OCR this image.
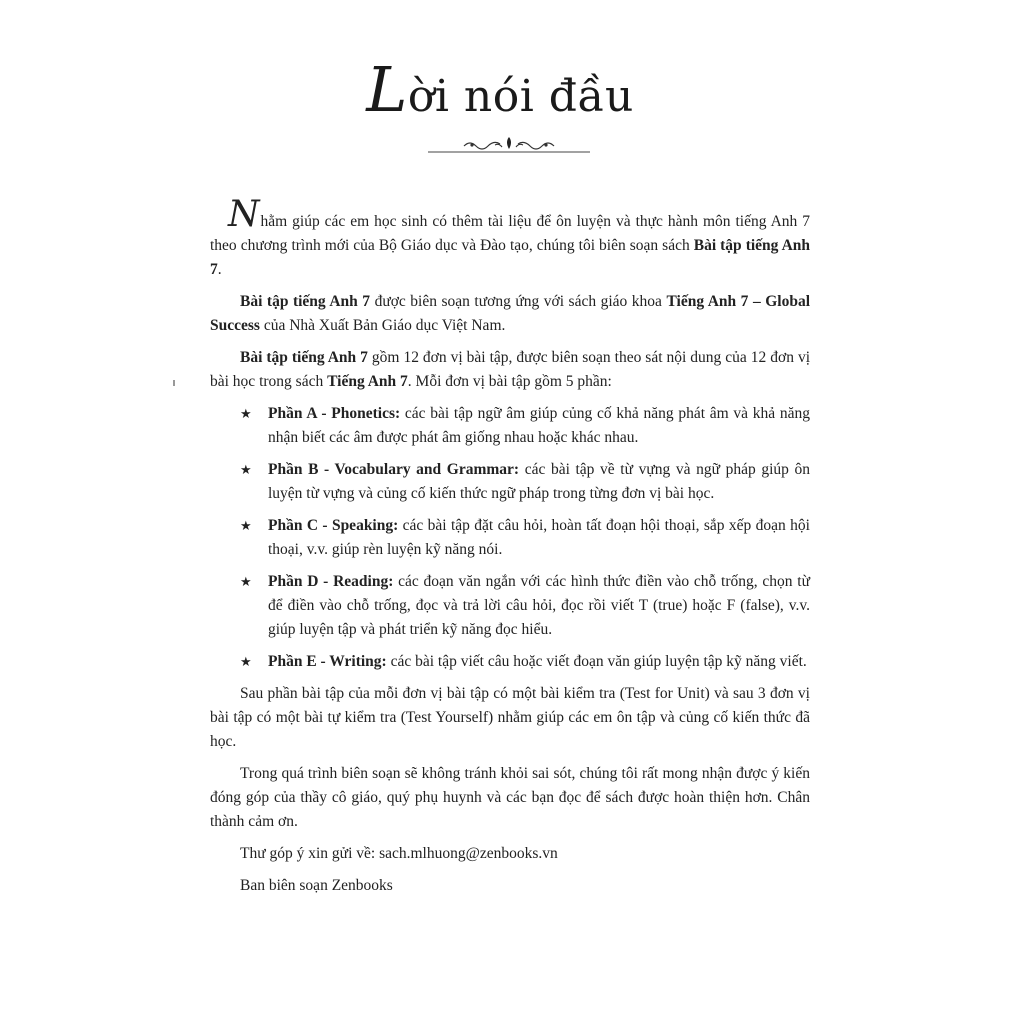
Lời nói đầu

Nhằm giúp các em học sinh có thêm tài liệu để ôn luyện và thực hành môn tiếng Anh 7 theo chương trình mới của Bộ Giáo dục và Đào tạo, chúng tôi biên soạn sách Bài tập tiếng Anh 7.

Bài tập tiếng Anh 7 được biên soạn tương ứng với sách giáo khoa Tiếng Anh 7 – Global Success của Nhà Xuất Bản Giáo dục Việt Nam.

Bài tập tiếng Anh 7 gồm 12 đơn vị bài tập, được biên soạn theo sát nội dung của 12 đơn vị bài học trong sách Tiếng Anh 7. Mỗi đơn vị bài tập gồm 5 phần:

★ Phần A - Phonetics: các bài tập ngữ âm giúp củng cố khả năng phát âm và khả năng nhận biết các âm được phát âm giống nhau hoặc khác nhau.
★ Phần B - Vocabulary and Grammar: các bài tập về từ vựng và ngữ pháp giúp ôn luyện từ vựng và củng cố kiến thức ngữ pháp trong từng đơn vị bài học.
★ Phần C - Speaking: các bài tập đặt câu hỏi, hoàn tất đoạn hội thoại, sắp xếp đoạn hội thoại, v.v. giúp rèn luyện kỹ năng nói.
★ Phần D - Reading: các đoạn văn ngắn với các hình thức điền vào chỗ trống, chọn từ để điền vào chỗ trống, đọc và trả lời câu hỏi, đọc rồi viết T (true) hoặc F (false), v.v. giúp luyện tập và phát triển kỹ năng đọc hiểu.
★ Phần E - Writing: các bài tập viết câu hoặc viết đoạn văn giúp luyện tập kỹ năng viết.

Sau phần bài tập của mỗi đơn vị bài tập có một bài kiểm tra (Test for Unit) và sau 3 đơn vị bài tập có một bài tự kiểm tra (Test Yourself) nhằm giúp các em ôn tập và củng cố kiến thức đã học.

Trong quá trình biên soạn sẽ không tránh khỏi sai sót, chúng tôi rất mong nhận được ý kiến đóng góp của thầy cô giáo, quý phụ huynh và các bạn đọc để sách được hoàn thiện hơn. Chân thành cảm ơn.

Thư góp ý xin gửi về: sach.mlhuong@zenbooks.vn

Ban biên soạn Zenbooks
